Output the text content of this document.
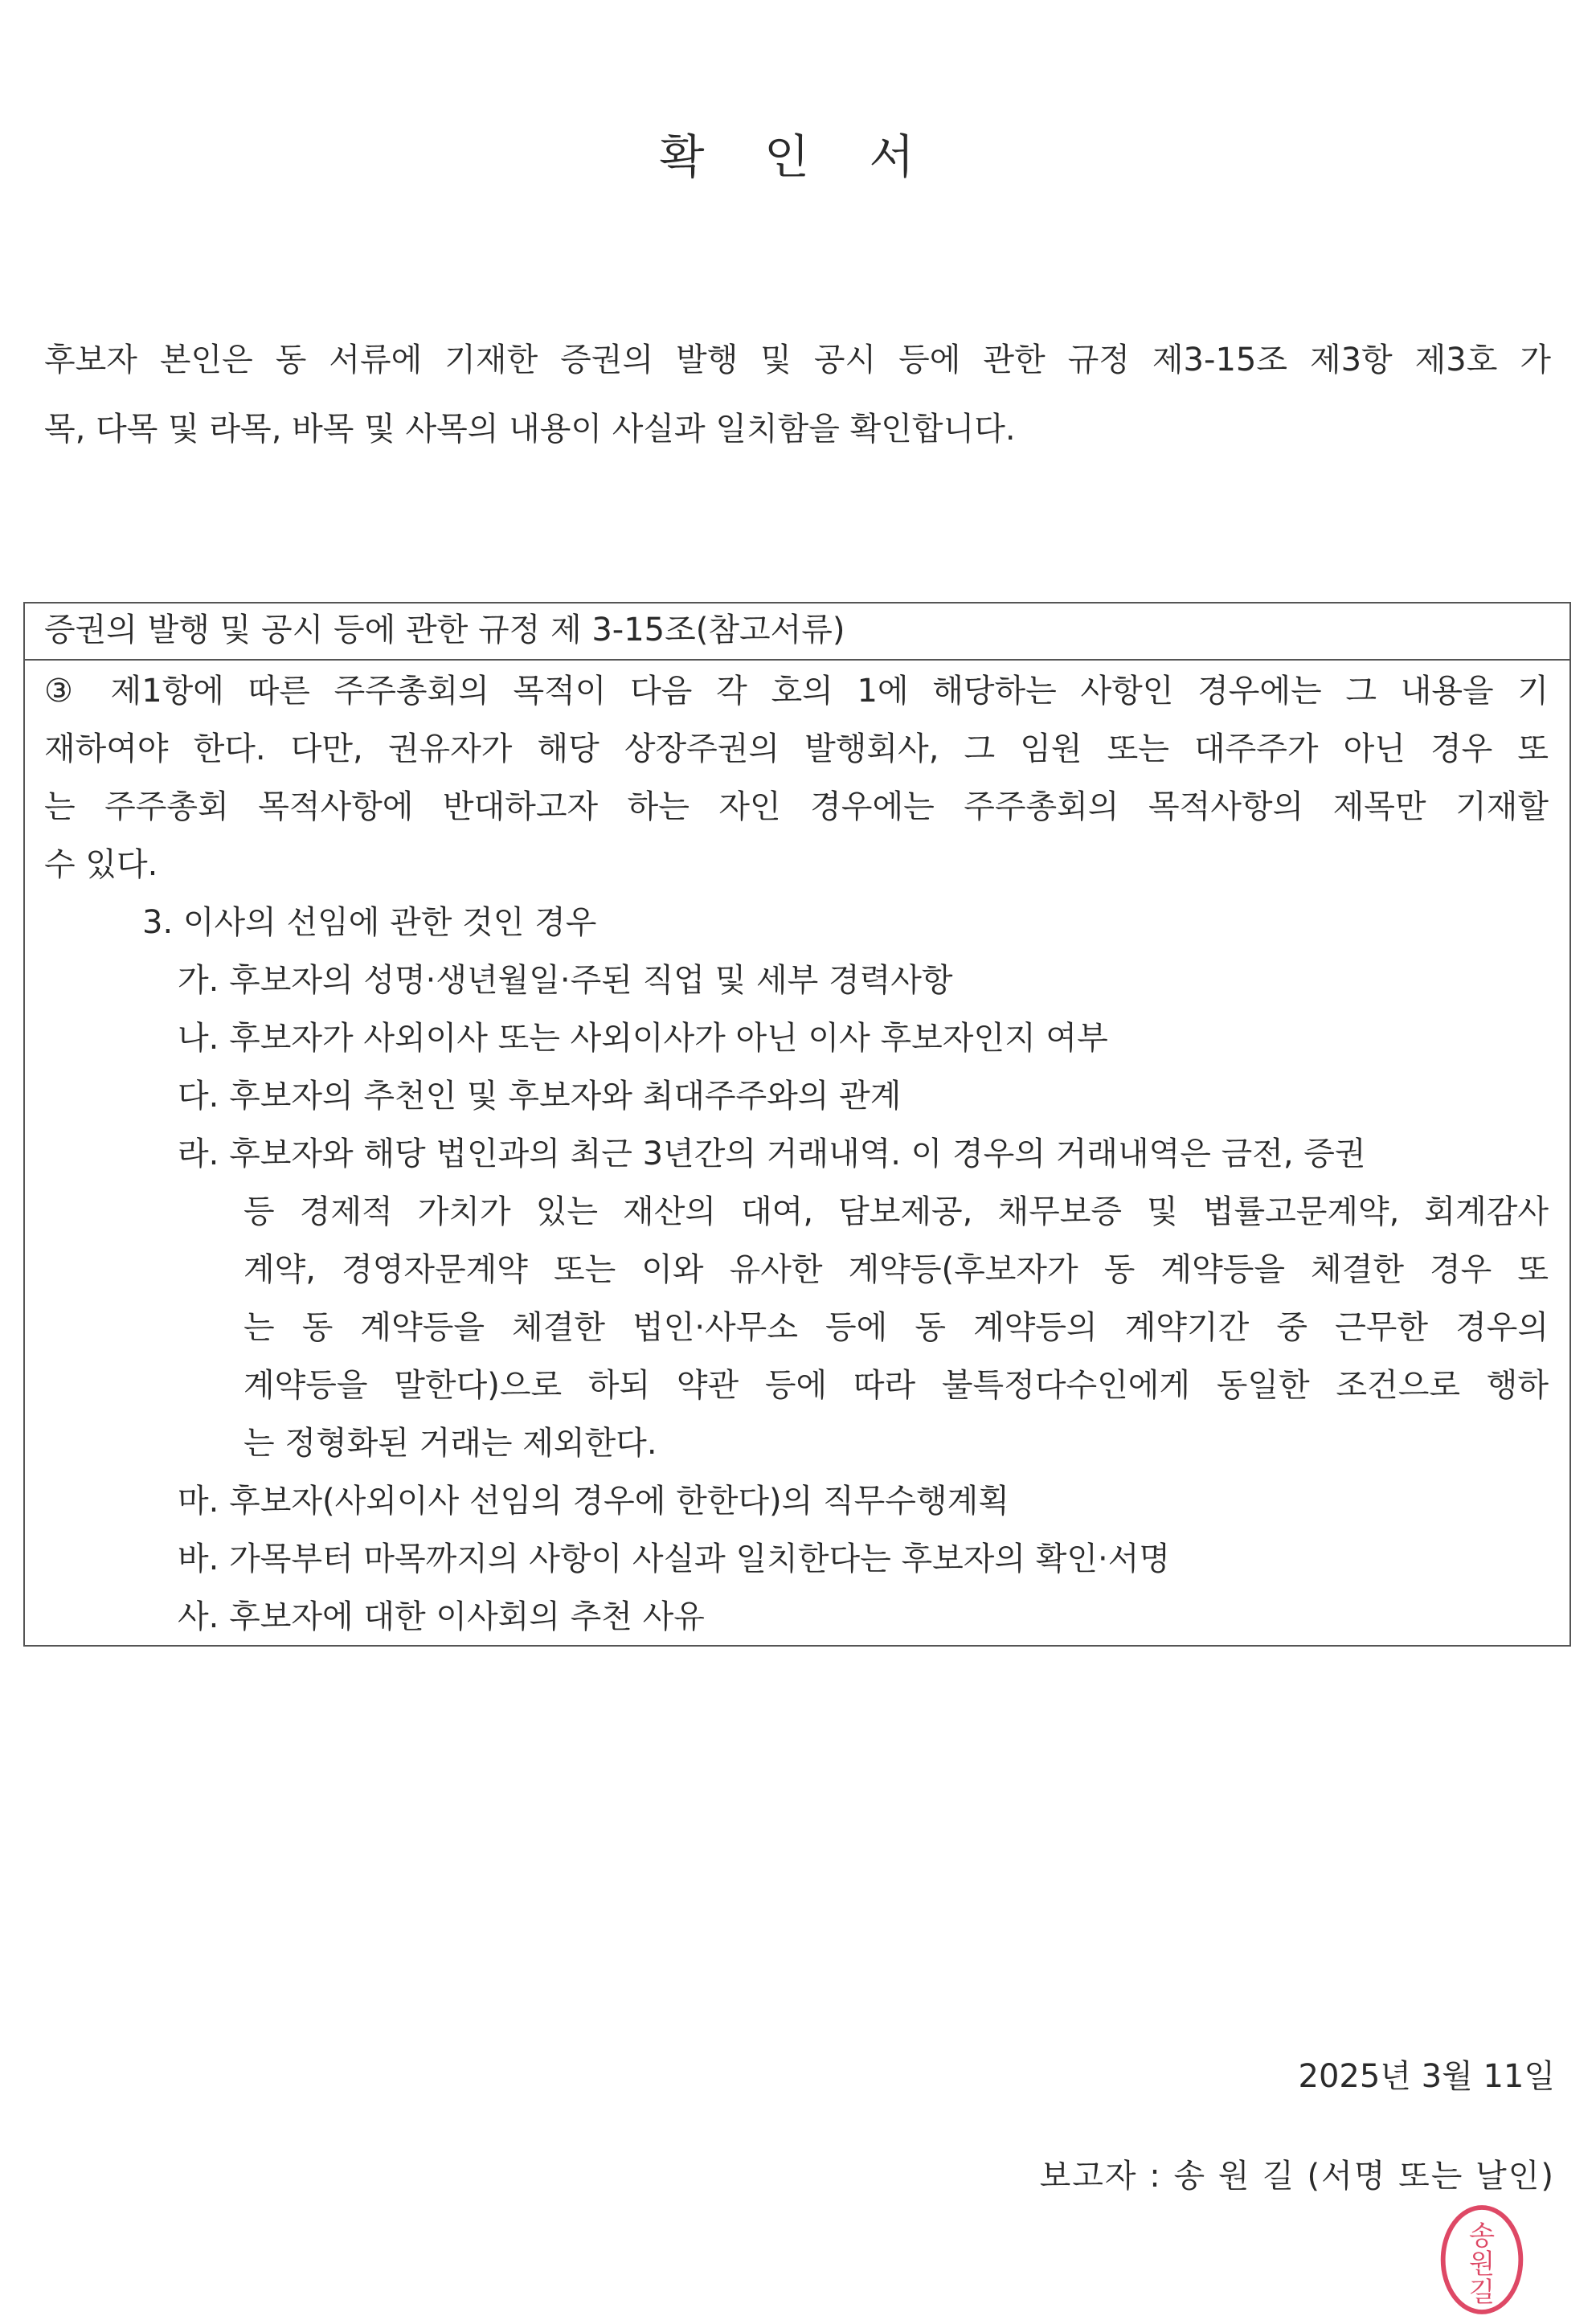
확 인 서
후보자 본인은 동 서류에 기재한 증권의 발행 및 공시 등에 관한 규정 제3-15조 제3항 제3호 가
목, 다목 및 라목, 바목 및 사목의 내용이 사실과 일치함을 확인합니다.
증권의 발행 및 공시 등에 관한 규정 제 3-15조(참고서류)
③ 제1항에 따른 주주총회의 목적이 다음 각 호의 1에 해당하는 사항인 경우에는 그 내용을 기
재하여야 한다. 다만, 권유자가 해당 상장주권의 발행회사, 그 임원 또는 대주주가 아닌 경우 또
는 주주총회 목적사항에 반대하고자 하는 자인 경우에는 주주총회의 목적사항의 제목만 기재할
수 있다.
3. 이사의 선임에 관한 것인 경우
가. 후보자의 성명·생년월일·주된 직업 및 세부 경력사항
나. 후보자가 사외이사 또는 사외이사가 아닌 이사 후보자인지 여부
다. 후보자의 추천인 및 후보자와 최대주주와의 관계
라. 후보자와 해당 법인과의 최근 3년간의 거래내역. 이 경우의 거래내역은 금전, 증권
등 경제적 가치가 있는 재산의 대여, 담보제공, 채무보증 및 법률고문계약, 회계감사
계약, 경영자문계약 또는 이와 유사한 계약등(후보자가 동 계약등을 체결한 경우 또
는 동 계약등을 체결한 법인·사무소 등에 동 계약등의 계약기간 중 근무한 경우의
계약등을 말한다)으로 하되 약관 등에 따라 불특정다수인에게 동일한 조건으로 행하
는 정형화된 거래는 제외한다.
마. 후보자(사외이사 선임의 경우에 한한다)의 직무수행계획
바. 가목부터 마목까지의 사항이 사실과 일치한다는 후보자의 확인·서명
사. 후보자에 대한 이사회의 추천 사유
2025년 3월 11일
보고자 : 송 원 길 (서명 또는 날인)
송
원
길
